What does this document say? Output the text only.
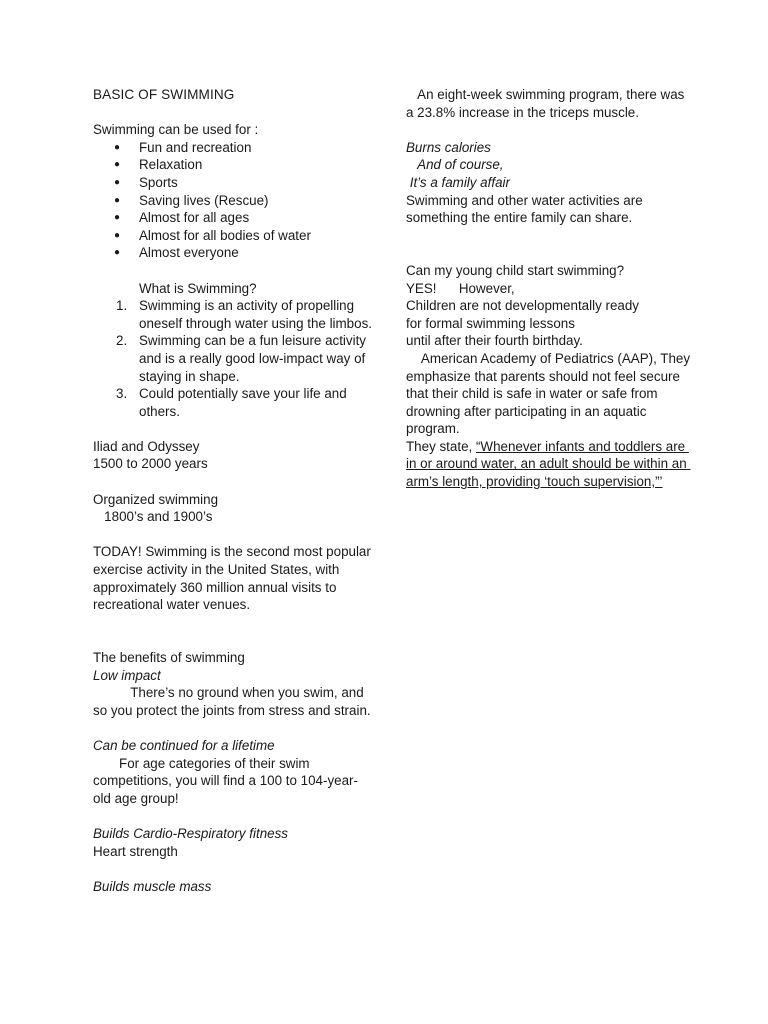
BASIC OF SWIMMING

Swimming can be used for :

● Fun and recreation
● Relaxation
● Sports
● Saving lives (Rescue)
● Almost for all ages
● Almost for all bodies of water
● Almost everyone

What is Swimming?

1. Swimming is an activity of propelling oneself through water using the limbos.
2. Swimming can be a fun leisure activity and is a really good low-impact way of staying in shape.
3. Could potentially save your life and others.

Iliad and Odyssey

1500 to 2000 years

Organized swimming

1800’s and 1900’s

TODAY! Swimming is the second most popular exercise activity in the United States, with approximately 360 million annual visits to recreational water venues.

The benefits of swimming

Low impact

There’s no ground when you swim, and so you protect the joints from stress and strain.

Can be continued for a lifetime

For age categories of their swim competitions, you will find a 100 to 104-year-old age group!

Builds Cardio-Respiratory fitness

Heart strength

Builds muscle mass

An eight-week swimming program, there was a 23.8% increase in the triceps muscle.

Burns calories

And of course,

It’s a family affair

Swimming and other water activities are something the entire family can share.

Can my young child start swimming?

YES!      However,

Children are not developmentally ready

for formal swimming lessons

until after their fourth birthday.

American Academy of Pediatrics (AAP), They emphasize that parents should not feel secure that their child is safe in water or safe from drowning after participating in an aquatic program.

They state, “Whenever infants and toddlers are in or around water, an adult should be within an arm’s length, providing ‘touch supervision,”’
